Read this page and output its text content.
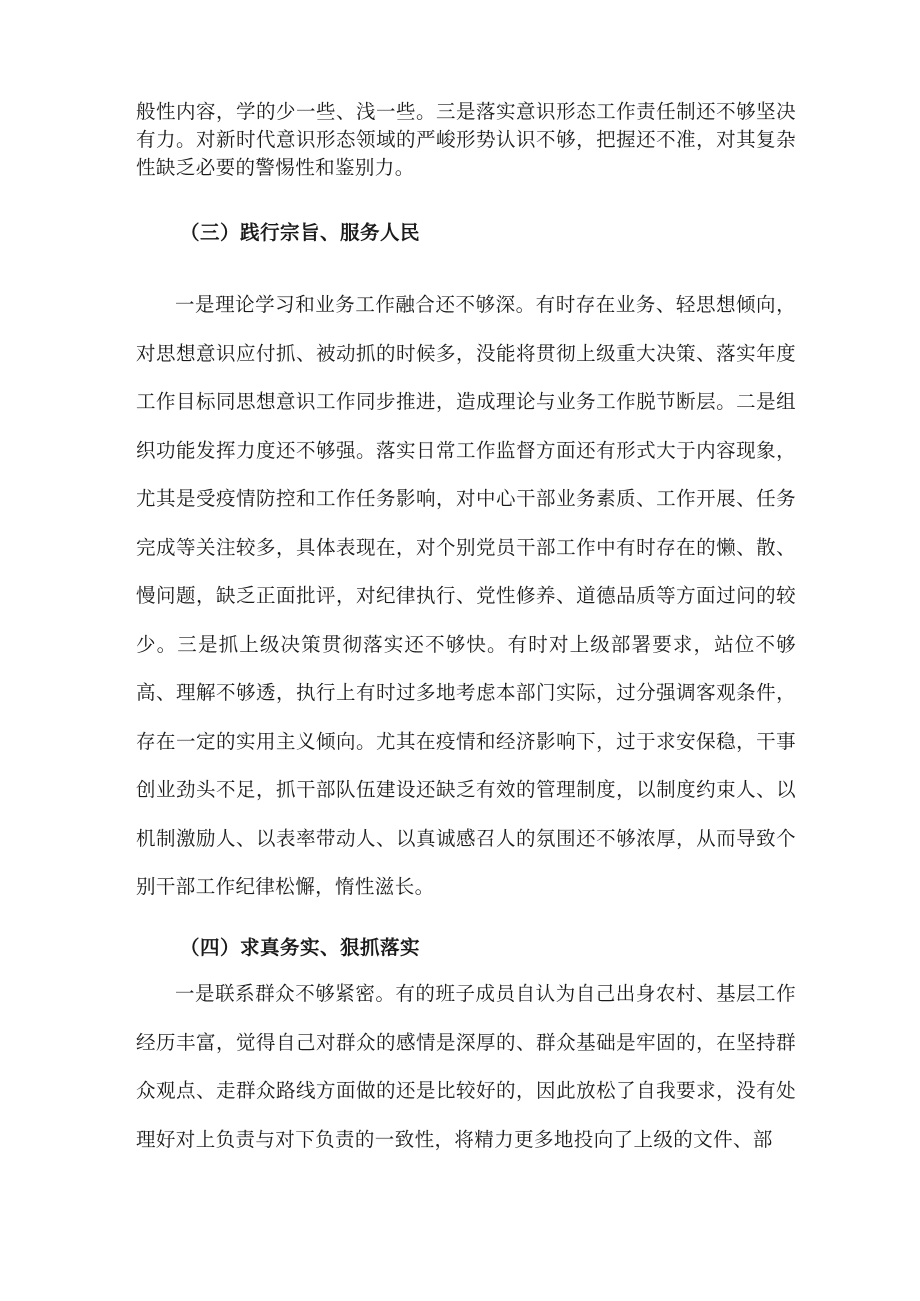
般性内容，学的少一些、浅一些。三是落实意识形态工作责任制还不够坚决有力。对新时代意识形态领域的严峻形势认识不够，把握还不准，对其复杂性缺乏必要的警惕性和鉴别力。

（三）践行宗旨、服务人民

一是理论学习和业务工作融合还不够深。有时存在业务、轻思想倾向，对思想意识应付抓、被动抓的时候多，没能将贯彻上级重大决策、落实年度工作目标同思想意识工作同步推进，造成理论与业务工作脱节断层。二是组织功能发挥力度还不够强。落实日常工作监督方面还有形式大于内容现象，尤其是受疫情防控和工作任务影响，对中心干部业务素质、工作开展、任务完成等关注较多，具体表现在，对个别党员干部工作中有时存在的懒、散、慢问题，缺乏正面批评，对纪律执行、党性修养、道德品质等方面过问的较少。三是抓上级决策贯彻落实还不够快。有时对上级部署要求，站位不够高、理解不够透，执行上有时过多地考虑本部门实际，过分强调客观条件，存在一定的实用主义倾向。尤其在疫情和经济影响下，过于求安保稳，干事创业劲头不足，抓干部队伍建设还缺乏有效的管理制度，以制度约束人、以机制激励人、以表率带动人、以真诚感召人的氛围还不够浓厚，从而导致个别干部工作纪律松懈，惰性滋长。

（四）求真务实、狠抓落实

一是联系群众不够紧密。有的班子成员自认为自己出身农村、基层工作经历丰富，觉得自己对群众的感情是深厚的、群众基础是牢固的，在坚持群众观点、走群众路线方面做的还是比较好的，因此放松了自我要求，没有处理好对上负责与对下负责的一致性，将精力更多地投向了上级的文件、部
